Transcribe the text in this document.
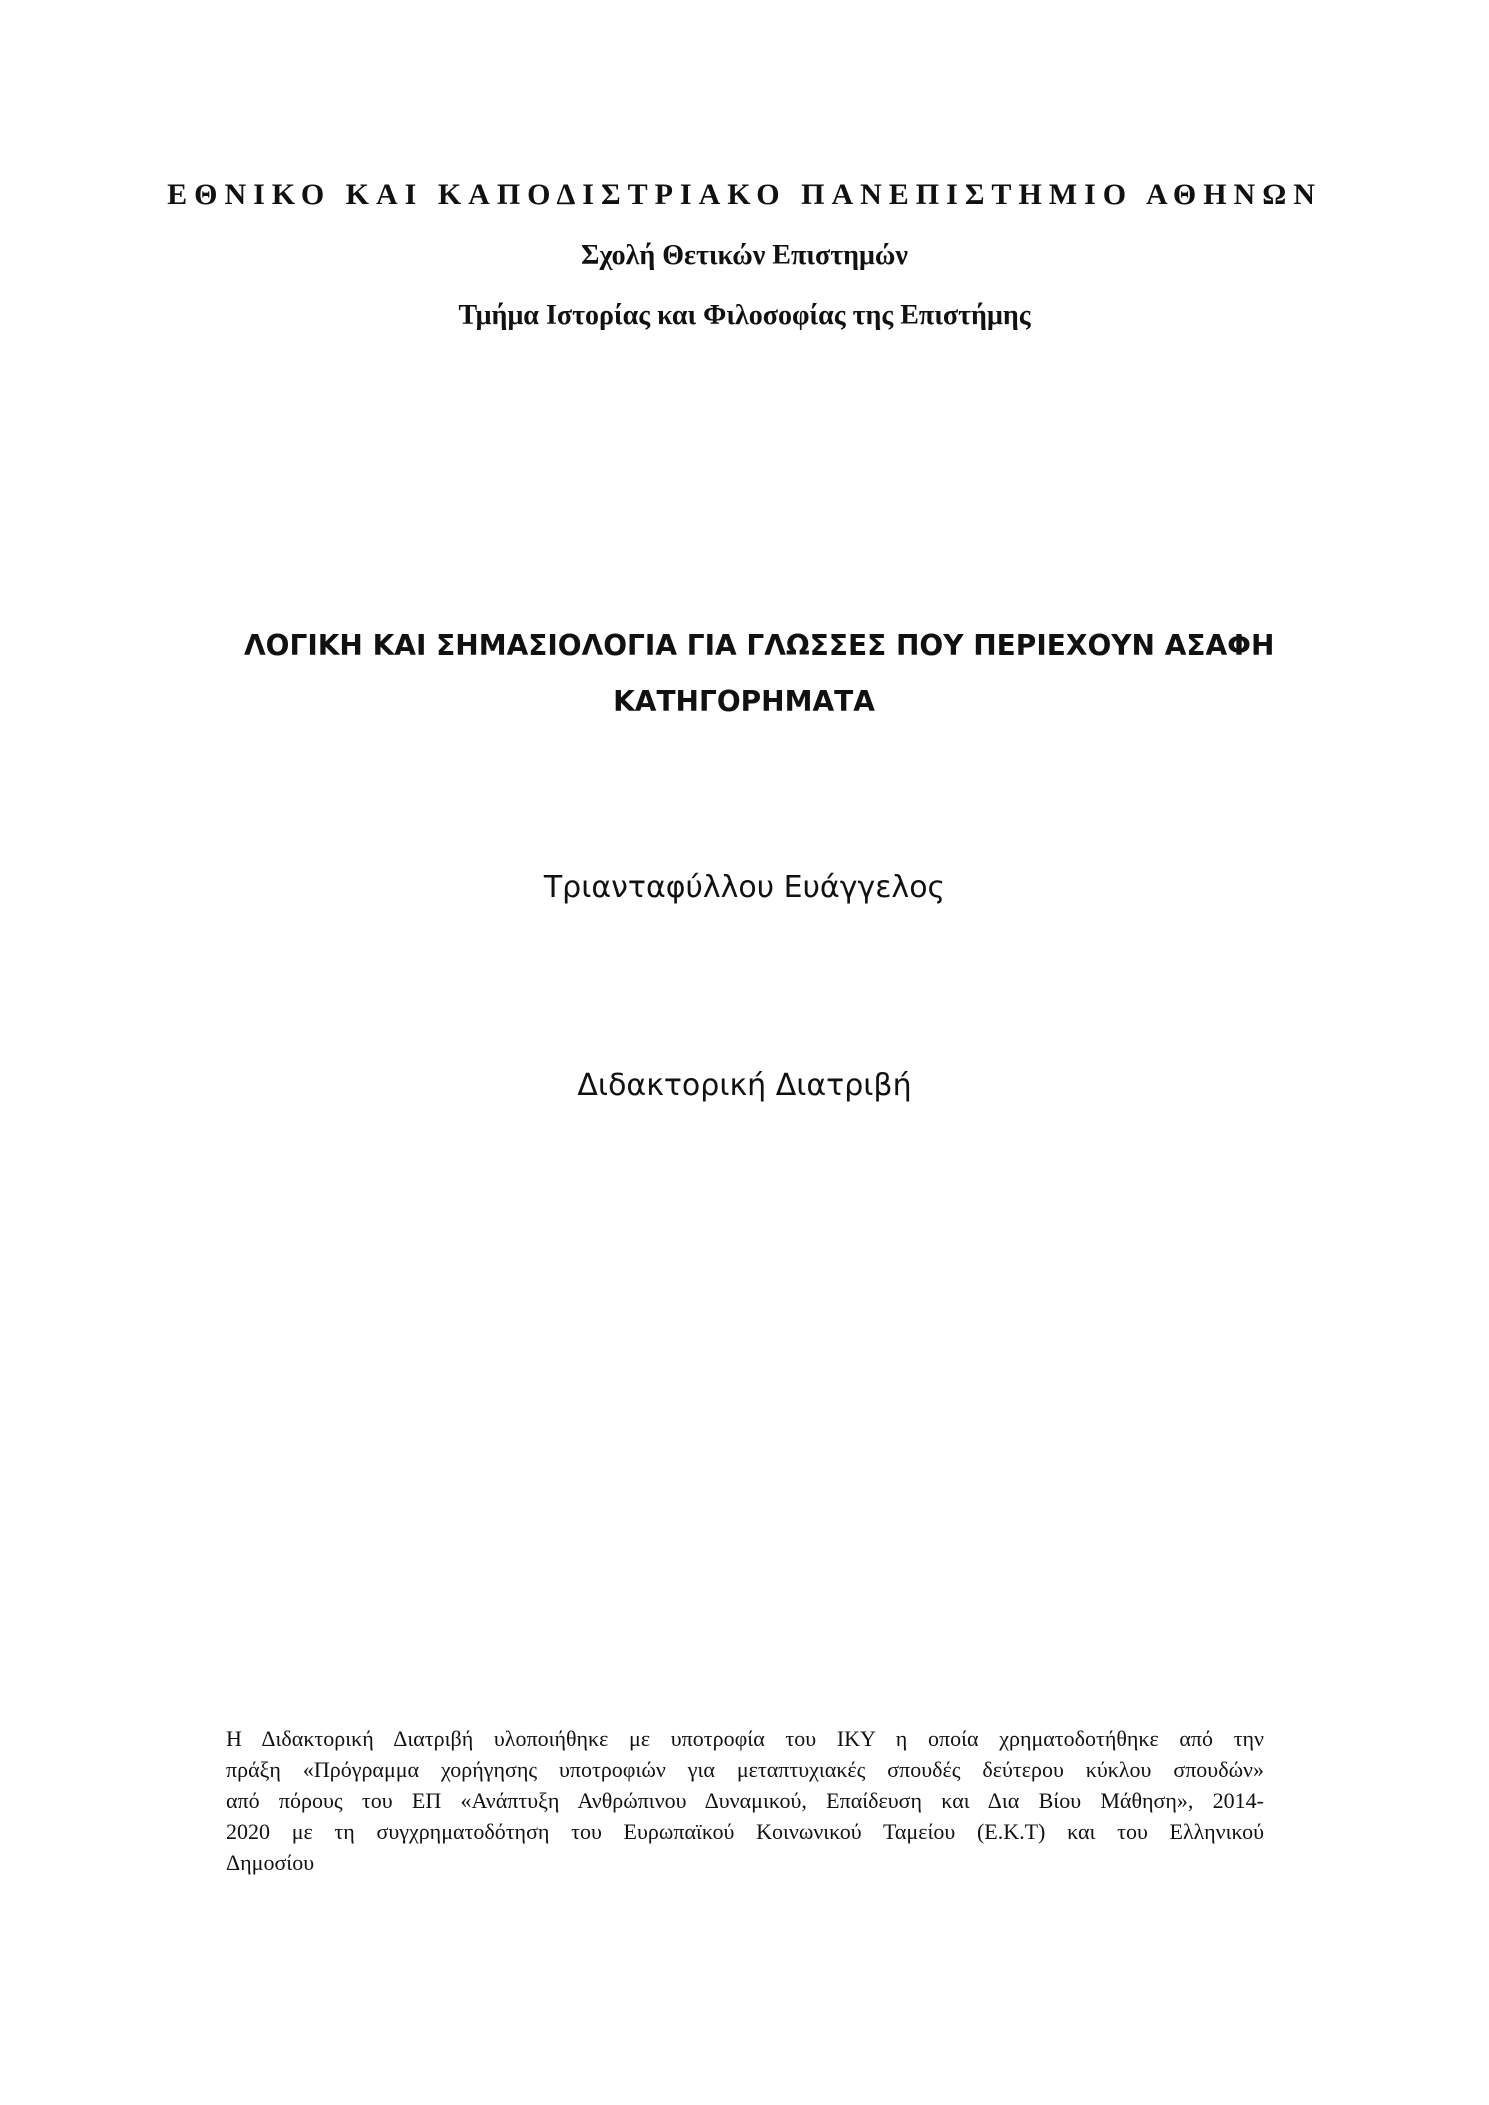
ΕΘΝΙΚΟ ΚΑΙ ΚΑΠΟΔΙΣΤΡΙΑΚΟ ΠΑΝΕΠΙΣΤΗΜΙΟ ΑΘΗΝΩΝ
Σχολή Θετικών Επιστημών
Τμήμα Ιστορίας και Φιλοσοφίας της Επιστήμης
ΛΟΓΙΚΗ ΚΑΙ ΣΗΜΑΣΙΟΛΟΓΙΑ ΓΙΑ ΓΛΩΣΣΕΣ ΠΟΥ ΠΕΡΙΕΧΟΥΝ ΑΣΑΦΗ
ΚΑΤΗΓΟΡΗΜΑΤΑ
Τριανταφύλλου Ευάγγελος
Διδακτορική Διατριβή
Η Διδακτορική Διατριβή υλοποιήθηκε με υποτροφία του ΙΚΥ η οποία χρηματοδοτήθηκε από την
πράξη «Πρόγραμμα χορήγησης υποτροφιών για μεταπτυχιακές σπουδές δεύτερου κύκλου σπουδών»
από πόρους του ΕΠ «Ανάπτυξη Ανθρώπινου Δυναμικού, Επαίδευση και Δια Βίου Μάθηση», 2014-
2020 με τη συγχρηματοδότηση του Ευρωπαϊκού Κοινωνικού Ταμείου (Ε.Κ.Τ) και του Ελληνικού
Δημοσίου
